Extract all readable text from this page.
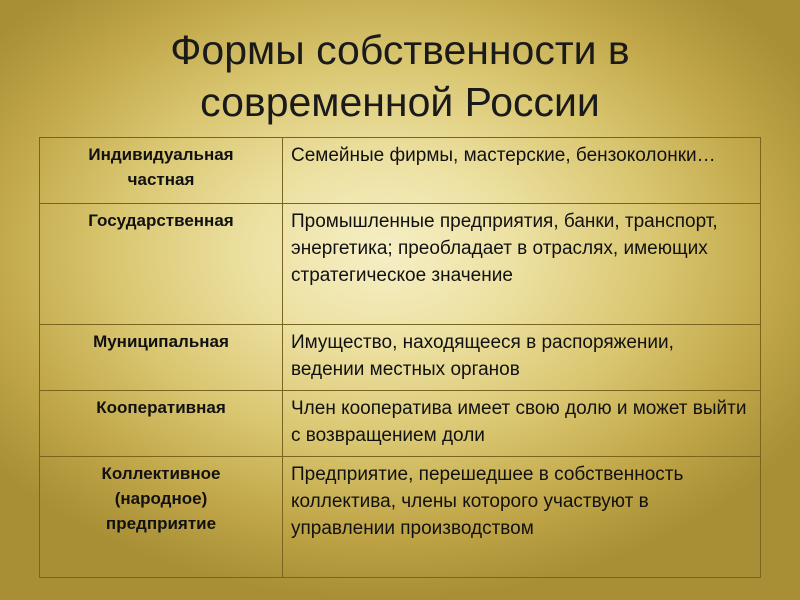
Формы собственности в
современной России
Индивидуальная
частная	Семейные фирмы, мастерские, бензоколонки…

Государственная	Промышленные предприятия, банки, транспорт, энергетика; преобладает в отраслях, имеющих стратегическое значение

Муниципальная	Имущество, находящееся в распоряжении, ведении местных органов

Кооперативная	Член кооператива имеет свою долю и может выйти с возвращением доли

Коллективное
(народное)
предприятие	Предприятие, перешедшее в собственность коллектива, члены которого участвуют в управлении производством
